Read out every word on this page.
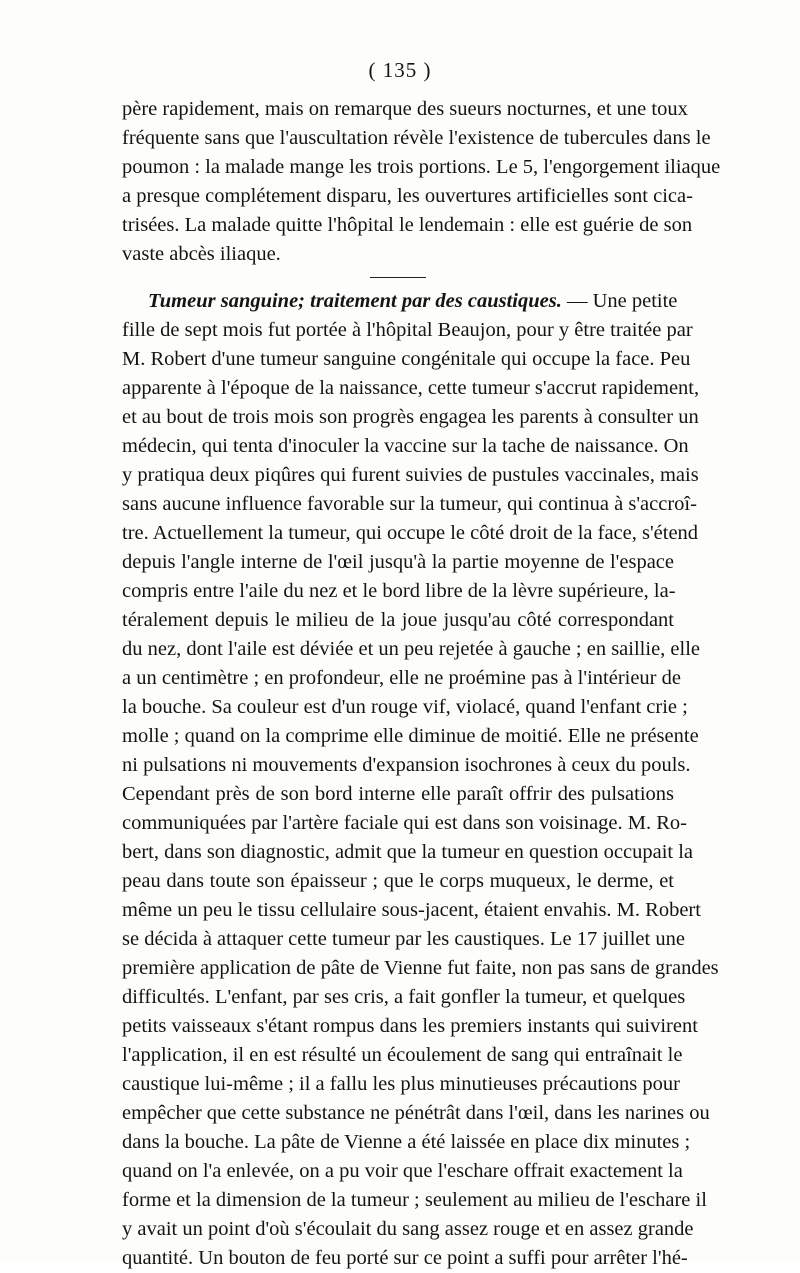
( 135 )
père rapidement, mais on remarque des sueurs nocturnes, et une toux
fréquente sans que l'auscultation révèle l'existence de tubercules dans le
poumon : la malade mange les trois portions. Le 5, l'engorgement iliaque
a presque complétement disparu, les ouvertures artificielles sont cica-
trisées. La malade quitte l'hôpital le lendemain : elle est guérie de son
vaste abcès iliaque.
Tumeur sanguine; traitement par des caustiques. — Une petite
fille de sept mois fut portée à l'hôpital Beaujon, pour y être traitée par
M. Robert d'une tumeur sanguine congénitale qui occupe la face. Peu
apparente à l'époque de la naissance, cette tumeur s'accrut rapidement,
et au bout de trois mois son progrès engagea les parents à consulter un
médecin, qui tenta d'inoculer la vaccine sur la tache de naissance. On
y pratiqua deux piqûres qui furent suivies de pustules vaccinales, mais
sans aucune influence favorable sur la tumeur, qui continua à s'accroî-
tre. Actuellement la tumeur, qui occupe le côté droit de la face, s'étend
depuis l'angle interne de l'œil jusqu'à la partie moyenne de l'espace
compris entre l'aile du nez et le bord libre de la lèvre supérieure, la-
téralement depuis le milieu de la joue jusqu'au côté correspondant
du nez, dont l'aile est déviée et un peu rejetée à gauche ; en saillie, elle
a un centimètre ; en profondeur, elle ne proémine pas à l'intérieur de
la bouche. Sa couleur est d'un rouge vif, violacé, quand l'enfant crie ;
molle ; quand on la comprime elle diminue de moitié. Elle ne présente
ni pulsations ni mouvements d'expansion isochrones à ceux du pouls.
Cependant près de son bord interne elle paraît offrir des pulsations
communiquées par l'artère faciale qui est dans son voisinage. M. Ro-
bert, dans son diagnostic, admit que la tumeur en question occupait la
peau dans toute son épaisseur ; que le corps muqueux, le derme, et
même un peu le tissu cellulaire sous-jacent, étaient envahis. M. Robert
se décida à attaquer cette tumeur par les caustiques. Le 17 juillet une
première application de pâte de Vienne fut faite, non pas sans de grandes
difficultés. L'enfant, par ses cris, a fait gonfler la tumeur, et quelques
petits vaisseaux s'étant rompus dans les premiers instants qui suivirent
l'application, il en est résulté un écoulement de sang qui entraînait le
caustique lui-même ; il a fallu les plus minutieuses précautions pour
empêcher que cette substance ne pénétrât dans l'œil, dans les narines ou
dans la bouche. La pâte de Vienne a été laissée en place dix minutes ;
quand on l'a enlevée, on a pu voir que l'eschare offrait exactement la
forme et la dimension de la tumeur ; seulement au milieu de l'eschare il
y avait un point d'où s'écoulait du sang assez rouge et en assez grande
quantité. Un bouton de feu porté sur ce point a suffi pour arrêter l'hé-
